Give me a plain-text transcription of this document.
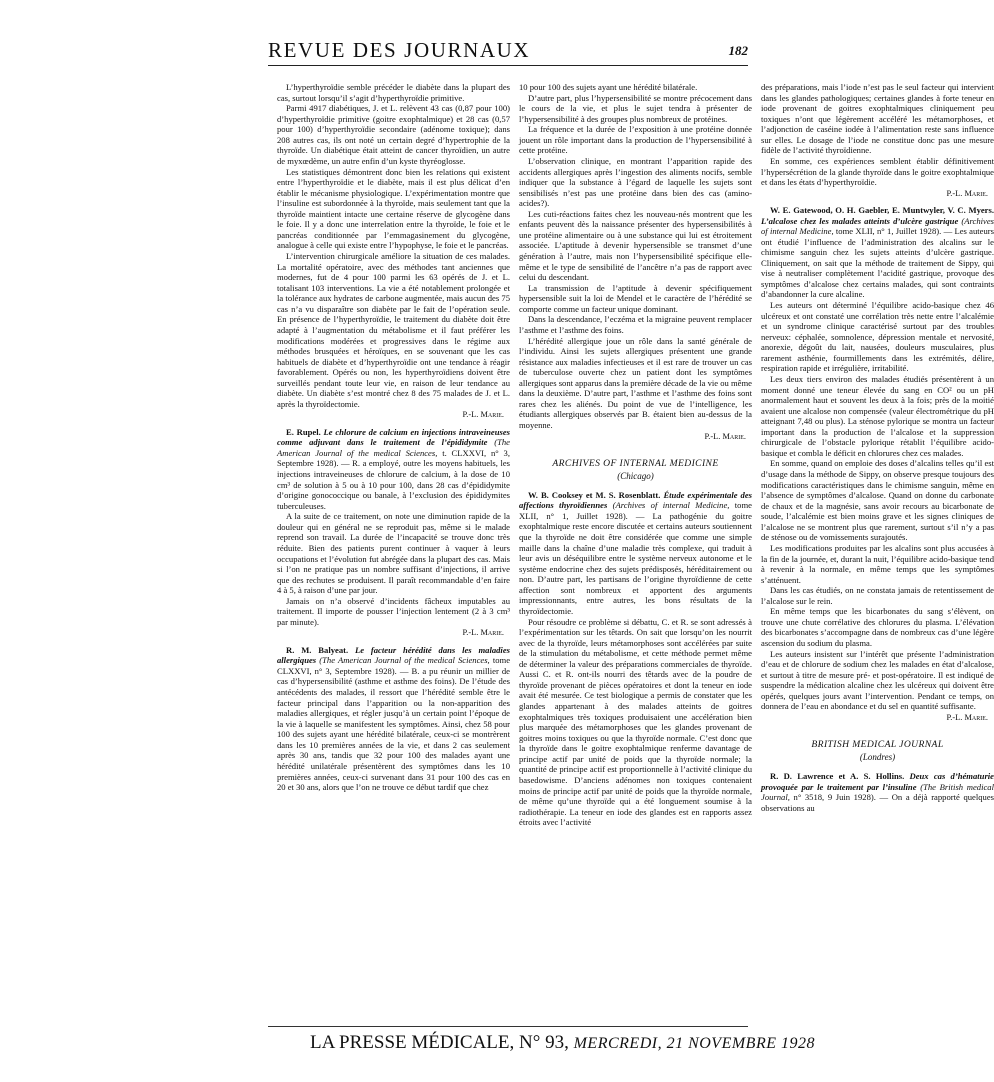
REVUE DES JOURNAUX	182

L’hyperthyroïdie semble précéder le diabète dans la plupart des cas, surtout lorsqu’il s’agit d’hyperthyroïdie primitive.

Parmi 4917 diabétiques, J. et L. relèvent 43 cas (0,87 pour 100) d’hyperthyroïdie primitive (goitre exophtalmique) et 28 cas (0,57 pour 100) d’hyperthyroïdie secondaire (adénome toxique); dans 208 autres cas, ils ont noté un certain degré d’hypertrophie de la thyroïde. Un diabétique était atteint de cancer thyroïdien, un autre de myxœdème, un autre enfin d’un kyste thyréoglosse.

Les statistiques démontrent donc bien les relations qui existent entre l’hyperthyroïdie et le diabète, mais il est plus délicat d’en établir le mécanisme physiologique. L’expérimentation montre que l’insuline est subordonnée à la thyroïde, mais seulement tant que la thyroïde maintient intacte une certaine réserve de glycogène dans le foie. Il y a donc une interrelation entre la thyroïde, le foie et le pancréas conditionnée par l’emmagasinement du glycogène, analogue à celle qui existe entre l’hypophyse, le foie et le pancréas.

L’intervention chirurgicale améliore la situation de ces malades. La mortalité opératoire, avec des méthodes tant anciennes que modernes, fut de 4 pour 100 parmi les 63 opérés de J. et L. totalisant 103 interventions. La vie a été notablement prolongée et la tolérance aux hydrates de carbone augmentée, mais aucun des 75 cas n’a vu disparaître son diabète par le fait de l’opération seule. En présence de l’hyperthyroïdie, le traitement du diabète doit être adapté à l’augmentation du métabolisme et il faut préférer les modifications modérées et progressives dans le régime aux méthodes brusquées et héroïques, en se souvenant que les cas habituels de diabète et d’hyperthyroïdie ont une tendance à réagir favorablement. Opérés ou non, les hyperthyroïdiens doivent être surveillés pendant toute leur vie, en raison de leur tendance au diabète. Un diabète s’est montré chez 8 des 75 malades de J. et L. après la thyroïdectomie.

P.-L. Marie.

E. Rupel. Le chlorure de calcium en injections intraveineuses comme adjuvant dans le traitement de l’épididymite (The American Journal of the medical Sciences, t. CLXXVI, n° 3, Septembre 1928). — R. a employé, outre les moyens habituels, les injections intraveineuses de chlorure de calcium, à la dose de 10 cm³ de solution à 5 ou à 10 pour 100, dans 28 cas d’épididymite d’origine gonococcique ou banale, à l’exclusion des épididymites tuberculeuses.

A la suite de ce traitement, on note une diminution rapide de la douleur qui en général ne se reproduit pas, même si le malade reprend son travail. La durée de l’incapacité se trouve donc très réduite. Bien des patients purent continuer à vaquer à leurs occupations et l’évolution fut abrégée dans la plupart des cas. Mais si l’on ne pratique pas un nombre suffisant d’injections, il arrive que des rechutes se produisent. Il paraît recommandable d’en faire 4 à 5, à raison d’une par jour.

Jamais on n’a observé d’incidents fâcheux imputables au traitement. Il importe de pousser l’injection lentement (2 à 3 cm³ par minute).

P.-L. Marie.

R. M. Balyeat. Le facteur hérédité dans les maladies allergiques (The American Journal of the medical Sciences, tome CLXXVI, n° 3, Septembre 1928). — B. a pu réunir un millier de cas d’hypersensibilité (asthme et asthme des foins). De l’étude des antécédents des malades, il ressort que l’hérédité semble être le facteur principal dans l’apparition ou la non-apparition des maladies allergiques, et régler jusqu’à un certain point l’époque de la vie à laquelle se manifestent les symptômes. Ainsi, chez 58 pour 100 des sujets ayant une hérédité bilatérale, ceux-ci se montrèrent dans les 10 premières années de la vie, et dans 2 cas seulement après 30 ans, tandis que 32 pour 100 des malades ayant une hérédité unilatérale présentèrent des symptômes dans les 10 premières années, ceux-ci survenant dans 31 pour 100 des cas en 20 et 30 ans, alors que l’on ne trouve ce début tardif que chez

10 pour 100 des sujets ayant une hérédité bilatérale.

D’autre part, plus l’hypersensibilité se montre précocement dans le cours de la vie, et plus le sujet tendra à présenter de l’hypersensibilité à des groupes plus nombreux de protéines.

La fréquence et la durée de l’exposition à une protéine donnée jouent un rôle important dans la production de l’hypersensibilité à cette protéine.

L’observation clinique, en montrant l’apparition rapide des accidents allergiques après l’ingestion des aliments nocifs, semble indiquer que la substance à l’égard de laquelle les sujets sont sensibilisés n’est pas une protéine dans bien des cas (amino-acides?).

Les cuti-réactions faites chez les nouveau-nés montrent que les enfants peuvent dès la naissance présenter des hypersensibilités à une protéine alimentaire ou à une substance qui lui est étroitement associée. L’aptitude à devenir hypersensible se transmet d’une génération à l’autre, mais non l’hypersensibilité spécifique elle-même et le type de sensibilité de l’ancêtre n’a pas de rapport avec celui du descendant.

La transmission de l’aptitude à devenir spécifiquement hypersensible suit la loi de Mendel et le caractère de l’hérédité se comporte comme un facteur unique dominant.

Dans la descendance, l’eczéma et la migraine peuvent remplacer l’asthme et l’asthme des foins.

L’hérédité allergique joue un rôle dans la santé générale de l’individu. Ainsi les sujets allergiques présentent une grande résistance aux maladies infectieuses et il est rare de trouver un cas de tuberculose ouverte chez un patient dont les symptômes allergiques sont apparus dans la première décade de la vie ou même dans la deuxième. D’autre part, l’asthme et l’asthme des foins sont rares chez les aliénés. Du point de vue de l’intelligence, les étudiants allergiques observés par B. étaient bien au-dessus de la moyenne.

P.-L. Marie.
ARCHIVES OF INTERNAL MEDICINE
(Chicago)

W. B. Cooksey et M. S. Rosenblatt. Étude expérimentale des affections thyroïdiennes (Archives of internal Medicine, tome XLII, n° 1, Juillet 1928). — La pathogénie du goitre exophtalmique reste encore discutée et certains auteurs soutiennent que la thyroïde ne doit être considérée que comme une simple maille dans la chaîne d’une maladie très complexe, qui traduit à leur avis un déséquilibre entre le système nerveux autonome et le système endocrine chez des sujets prédisposés, héréditairement ou non. D’autre part, les partisans de l’origine thyroïdienne de cette affection sont nombreux et apportent des arguments impressionnants, entre autres, les bons résultats de la thyroïdectomie.

Pour résoudre ce problème si débattu, C. et R. se sont adressés à l’expérimentation sur les têtards. On sait que lorsqu’on les nourrit avec de la thyroïde, leurs métamorphoses sont accélérées par suite de la stimulation du métabolisme, et cette méthode permet même de déterminer la valeur des préparations commerciales de thyroïde. Aussi C. et R. ont-ils nourri des têtards avec de la poudre de thyroïde provenant de pièces opératoires et dont la teneur en iode avait été mesurée. Ce test biologique a permis de constater que les glandes appartenant à des malades atteints de goitres exophtalmiques très toxiques produisaient une accélération bien plus marquée des métamorphoses que les glandes provenant de goitres moins toxiques ou que la thyroïde normale. C’est donc que la thyroïde dans le goitre exophtalmique renferme davantage de principe actif par unité de poids que la thyroïde normale; la quantité de principe actif est proportionnelle à l’activité clinique du basedowisme. D’anciens adénomes non toxiques contenaient moins de principe actif par unité de poids que la thyroïde normale, de même qu’une thyroïde qui a été longuement soumise à la radiothérapie. La teneur en iode des glandes est en rapports assez étroits avec l’activité

des préparations, mais l’iode n’est pas le seul facteur qui intervient dans les glandes pathologiques; certaines glandes à forte teneur en iode provenant de goitres exophtalmiques cliniquement peu toxiques n’ont que légèrement accéléré les métamorphoses, et l’adjonction de caséine iodée à l’alimentation reste sans influence sur elles. Le dosage de l’iode ne constitue donc pas une mesure fidèle de l’activité thyroïdienne.

En somme, ces expériences semblent établir définitivement l’hypersécrétion de la glande thyroïde dans le goitre exophtalmique et dans les états d’hyperthyroïdie.

P.-L. Marie.

W. E. Gatewood, O. H. Gaebler, E. Muntwyler, V. C. Myers. L’alcalose chez les malades atteints d’ulcère gastrique (Archives of internal Medicine, tome XLII, n° 1, Juillet 1928). — Les auteurs ont étudié l’influence de l’administration des alcalins sur le chimisme sanguin chez les sujets atteints d’ulcère gastrique. Cliniquement, on sait que la méthode de traitement de Sippy, qui vise à neutraliser complètement l’acidité gastrique, provoque des symptômes d’alcalose chez certains malades, qui sont contraints d’abandonner la cure alcaline.

Les auteurs ont déterminé l’équilibre acido-basique chez 46 ulcéreux et ont constaté une corrélation très nette entre l’alcalémie et un syndrome clinique caractérisé surtout par des troubles nerveux: céphalée, somnolence, dépression mentale et nervosité, anorexie, dégoût du lait, nausées, douleurs musculaires, plus rarement asthénie, fourmillements dans les extrémités, délire, respiration rapide et irrégulière, irritabilité.

Les deux tiers environ des malades étudiés présentèrent à un moment donné une teneur élevée du sang en CO² ou un pH anormalement haut et souvent les deux à la fois; près de la moitié avaient une alcalose non compensée (valeur électrométrique du pH atteignant 7,48 ou plus). La sténose pylorique se montra un facteur important dans la production de l’alcalose et la suppression chirurgicale de l’obstacle pylorique rétablit l’équilibre acido-basique et combla le déficit en chlorures chez ces malades.

En somme, quand on emploie des doses d’alcalins telles qu’il est d’usage dans la méthode de Sippy, on observe presque toujours des modifications caractéristiques dans le chimisme sanguin, même en l’absence de symptômes d’alcalose. Quand on donne du carbonate de chaux et de la magnésie, sans avoir recours au bicarbonate de soude, l’alcalémie est bien moins grave et les signes cliniques de l’alcalose ne se montrent plus que rarement, surtout s’il n’y a pas de sténose ou de vomissements surajoutés.

Les modifications produites par les alcalins sont plus accusées à la fin de la journée, et, durant la nuit, l’équilibre acido-basique tend à revenir à la normale, en même temps que les symptômes s’atténuent.

Dans les cas étudiés, on ne constata jamais de retentissement de l’alcalose sur le rein.

En même temps que les bicarbonates du sang s’élèvent, on trouve une chute corrélative des chlorures du plasma. L’élévation des bicarbonates s’accompagne dans de nombreux cas d’une légère ascension du sodium du plasma.

Les auteurs insistent sur l’intérêt que présente l’administration d’eau et de chlorure de sodium chez les malades en état d’alcalose, et surtout à titre de mesure pré- et post-opératoire. Il est indiqué de suspendre la médication alcaline chez les ulcéreux qui doivent être opérés, quelques jours avant l’intervention. Pendant ce temps, on donnera de l’eau en abondance et du sel en quantité suffisante.

P.-L. Marie.
BRITISH MEDICAL JOURNAL
(Londres)

R. D. Lawrence et A. S. Hollins. Deux cas d’hématurie provoquée par le traitement par l’insuline (The British medical Journal, n° 3518, 9 Juin 1928). — On a déjà rapporté quelques observations au

LA PRESSE MÉDICALE, N° 93, MERCREDI, 21 NOVEMBRE 1928
